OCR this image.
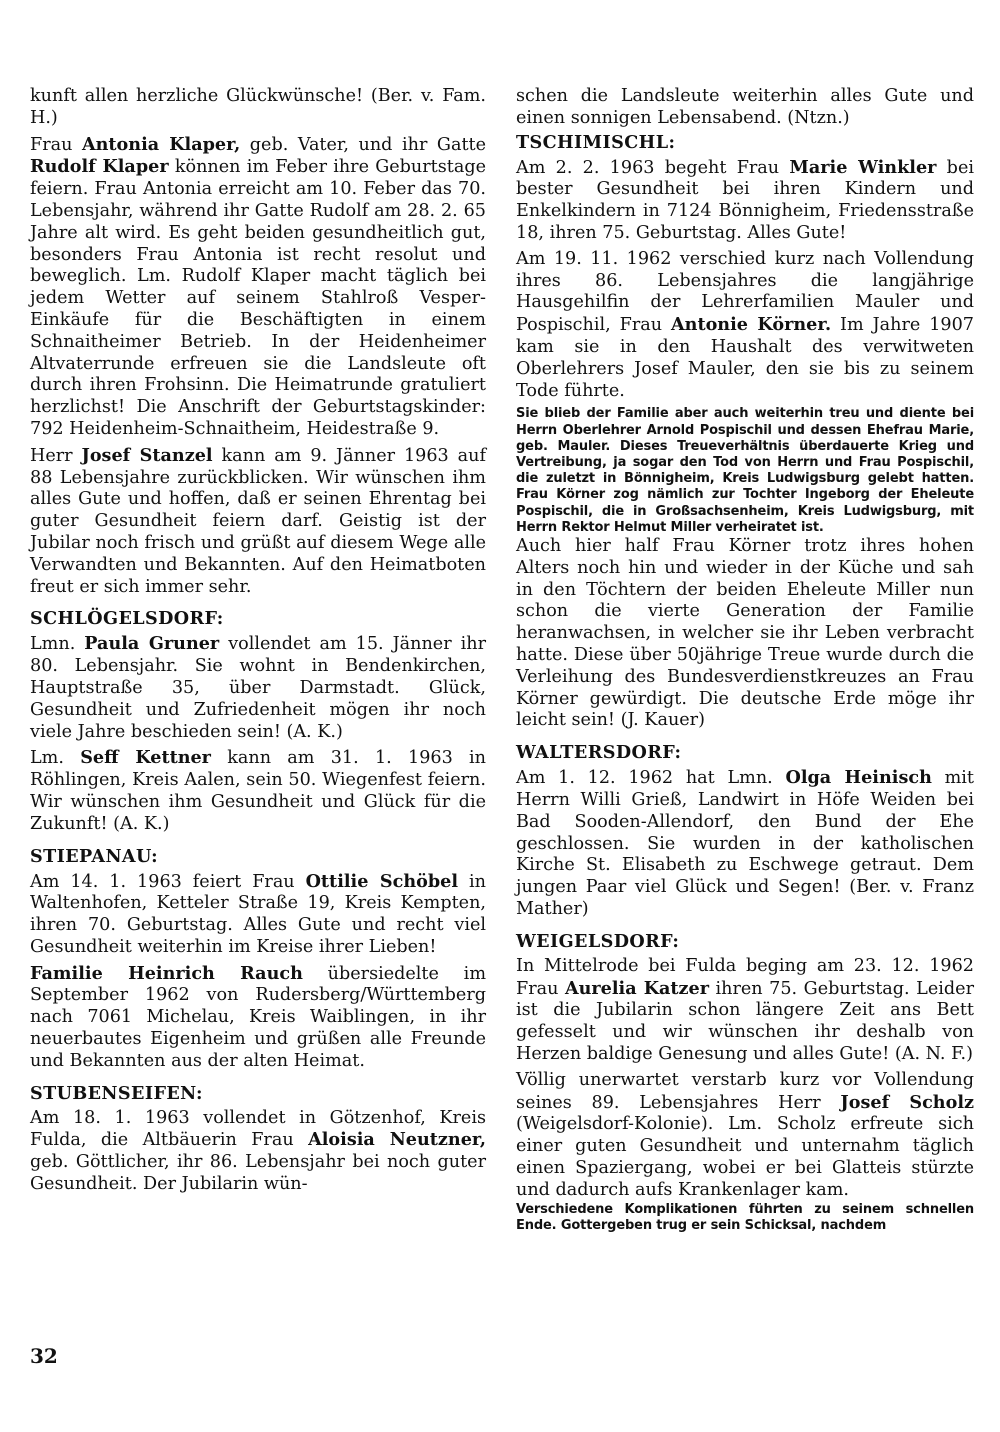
kunft allen herzliche Glückwünsche! (Ber. v. Fam. H.)

Frau Antonia Klaper, geb. Vater, und ihr Gatte Rudolf Klaper können im Feber ihre Geburtstage feiern. Frau Antonia erreicht am 10. Feber das 70. Lebensjahr, während ihr Gatte Rudolf am 28. 2. 65 Jahre alt wird. Es geht beiden gesundheitlich gut, besonders Frau Antonia ist recht resolut und beweglich. Lm. Rudolf Klaper macht täglich bei jedem Wetter auf seinem Stahlroß Vesper-Einkäufe für die Beschäftigten in einem Schnaitheimer Betrieb. In der Heidenheimer Altvaterrunde erfreuen sie die Landsleute oft durch ihren Frohsinn. Die Heimatrunde gratuliert herzlichst! Die Anschrift der Geburtstagskinder: 792 Heidenheim-Schnaitheim, Heidestraße 9.

Herr Josef Stanzel kann am 9. Jänner 1963 auf 88 Lebensjahre zurückblicken. Wir wünschen ihm alles Gute und hoffen, daß er seinen Ehrentag bei guter Gesundheit feiern darf. Geistig ist der Jubilar noch frisch und grüßt auf diesem Wege alle Verwandten und Bekannten. Auf den Heimatboten freut er sich immer sehr.

SCHLÖGELSDORF:

Lmn. Paula Gruner vollendet am 15. Jänner ihr 80. Lebensjahr. Sie wohnt in Bendenkirchen, Hauptstraße 35, über Darmstadt. Glück, Gesundheit und Zufriedenheit mögen ihr noch viele Jahre beschieden sein! (A. K.)

Lm. Seff Kettner kann am 31. 1. 1963 in Röhlingen, Kreis Aalen, sein 50. Wiegenfest feiern. Wir wünschen ihm Gesundheit und Glück für die Zukunft! (A. K.)

STIEPANAU:

Am 14. 1. 1963 feiert Frau Ottilie Schöbel in Waltenhofen, Ketteler Straße 19, Kreis Kempten, ihren 70. Geburtstag. Alles Gute und recht viel Gesundheit weiterhin im Kreise ihrer Lieben!

Familie Heinrich Rauch übersiedelte im September 1962 von Rudersberg/Württemberg nach 7061 Michelau, Kreis Waiblingen, in ihr neuerbautes Eigenheim und grüßen alle Freunde und Bekannten aus der alten Heimat.

STUBENSEIFEN:

Am 18. 1. 1963 vollendet in Götzenhof, Kreis Fulda, die Altbäuerin Frau Aloisia Neutzner, geb. Göttlicher, ihr 86. Lebensjahr bei noch guter Gesundheit. Der Jubilarin wün-

schen die Landsleute weiterhin alles Gute und einen sonnigen Lebensabend. (Ntzn.)

TSCHIMISCHL:

Am 2. 2. 1963 begeht Frau Marie Winkler bei bester Gesundheit bei ihren Kindern und Enkelkindern in 7124 Bönnigheim, Friedensstraße 18, ihren 75. Geburtstag. Alles Gute!

Am 19. 11. 1962 verschied kurz nach Vollendung ihres 86. Lebensjahres die langjährige Hausgehilfin der Lehrerfamilien Mauler und Pospischil, Frau Antonie Körner. Im Jahre 1907 kam sie in den Haushalt des verwitweten Oberlehrers Josef Mauler, den sie bis zu seinem Tode führte.

Sie blieb der Familie aber auch weiterhin treu und diente bei Herrn Oberlehrer Arnold Pospischil und dessen Ehefrau Marie, geb. Mauler. Dieses Treueverhältnis überdauerte Krieg und Vertreibung, ja sogar den Tod von Herrn und Frau Pospischil, die zuletzt in Bönnigheim, Kreis Ludwigsburg gelebt hatten. Frau Körner zog nämlich zur Tochter Ingeborg der Eheleute Pospischil, die in Großsachsenheim, Kreis Ludwigsburg, mit Herrn Rektor Helmut Miller verheiratet ist.

Auch hier half Frau Körner trotz ihres hohen Alters noch hin und wieder in der Küche und sah in den Töchtern der beiden Eheleute Miller nun schon die vierte Generation der Familie heranwachsen, in welcher sie ihr Leben verbracht hatte. Diese über 50jährige Treue wurde durch die Verleihung des Bundesverdienstkreuzes an Frau Körner gewürdigt. Die deutsche Erde möge ihr leicht sein! (J. Kauer)

WALTERSDORF:

Am 1. 12. 1962 hat Lmn. Olga Heinisch mit Herrn Willi Grieß, Landwirt in Höfe Weiden bei Bad Sooden-Allendorf, den Bund der Ehe geschlossen. Sie wurden in der katholischen Kirche St. Elisabeth zu Eschwege getraut. Dem jungen Paar viel Glück und Segen! (Ber. v. Franz Mather)

WEIGELSDORF:

In Mittelrode bei Fulda beging am 23. 12. 1962 Frau Aurelia Katzer ihren 75. Geburtstag. Leider ist die Jubilarin schon längere Zeit ans Bett gefesselt und wir wünschen ihr deshalb von Herzen baldige Genesung und alles Gute! (A. N. F.)

Völlig unerwartet verstarb kurz vor Vollendung seines 89. Lebensjahres Herr Josef Scholz (Weigelsdorf-Kolonie). Lm. Scholz erfreute sich einer guten Gesundheit und unternahm täglich einen Spaziergang, wobei er bei Glatteis stürzte und dadurch aufs Krankenlager kam.

Verschiedene Komplikationen führten zu seinem schnellen Ende. Gottergeben trug er sein Schicksal, nachdem

32
